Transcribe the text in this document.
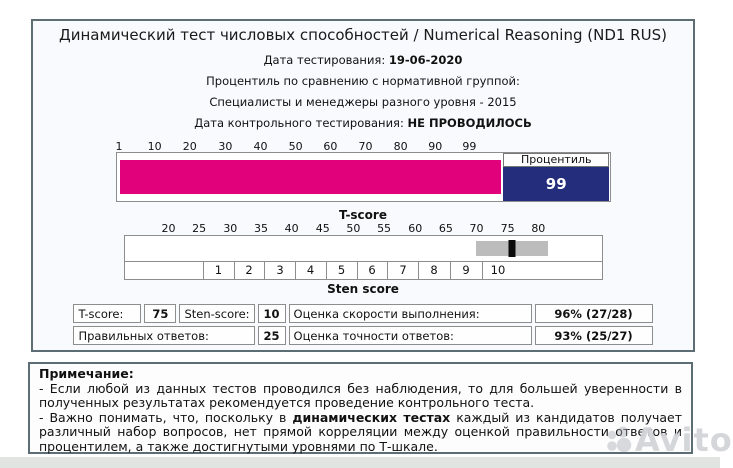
Динамический тест числовых способностей / Numerical Reasoning (ND1 RUS)
Дата тестирования: 19-06-2020
Процентиль по сравнению с нормативной группой:
Специалисты и менеджеры разного уровня - 2015
Дата контрольного тестирования: НЕ ПРОВОДИЛОСЬ
1 10 20 30 40 50 60 70 80 90 99
Процентиль
99
T-score
20 25 30 35 40 45 50 55 60 65 70 75 80
1 2 3 4 5 6 7 8 9 10
Sten score
T-score:	75	Sten-score:	10	Оценка скорости выполнения:	96% (27/28)
Правильных ответов:			25	Оценка точности ответов:	93% (25/27)
Примечание:
- Если любой из данных тестов проводился без наблюдения, то для большей уверенности в полученных результатах рекомендуется проведение контрольного теста.
- Важно понимать, что, поскольку в динамических тестах каждый из кандидатов получает различный набор вопросов, нет прямой корреляции между оценкой правильности ответов и процентилем, а также достигнутыми уровнями по Т-шкале.	Avito
